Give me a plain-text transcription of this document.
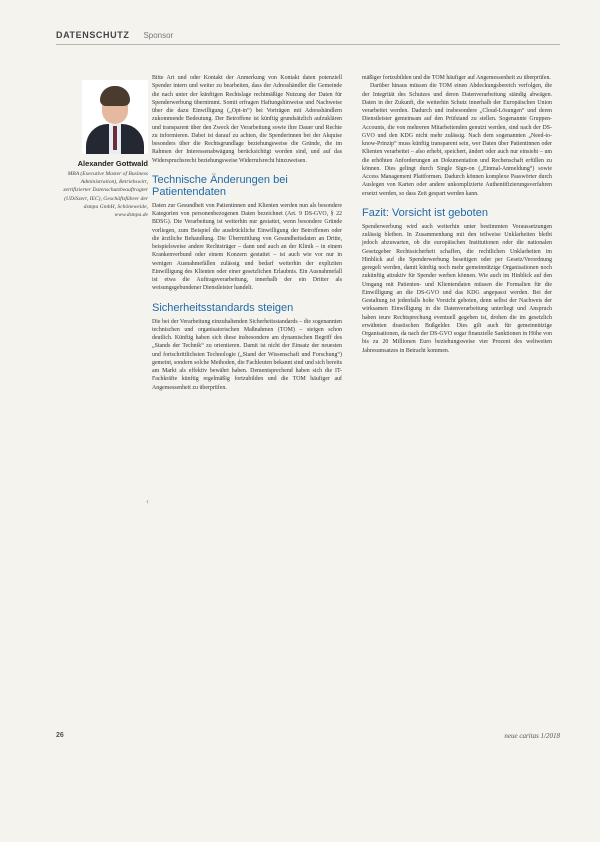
DATENSCHUTZ Sponsor
Alexander Gottwald
MBA (Executive Master of Business Administration), Betriebswirt, zertifizierter Datenschutzbeauftragter (UDiSzert, IEC), Geschäftsführer der dsmpa GmbH, Schöneweide, www.dsmpa.de

Bitte Art und oder Kontakt der Anmerkung von Kontakt daten potenziell Spender intern und weiter zu bearbeiten, dass der Adresshändler die Gemeinde die nach unter der künftigen Rechtslage rechtmäßige Nutzung der Daten für Spenderwerbung übernimmt. Somit erfragen Haftungshinweise und Nachweise über die dazu Einwilligung („Opt-in“) bei Vorträgen mit Adresshändlern zukommende Bedeutung. Der Betroffene ist künftig grundsätzlich aufzuklären und transparent über den Zweck der Verarbeitung sowie ihre Dauer und Rechte zu informieren. Dabei ist darauf zu achten, die Spenderinnen bei der Akquise besonders über die Rechtsgrundlage beziehungsweise die Gründe, die im Rahmen der Interessenabwägung berücksichtigt worden sind, und auf das Widerspruchsrecht beziehungsweise Widerrufsrecht hinzuweisen.

Technische Änderungen bei Patientendaten

Daten zur Gesundheit von Patientinnen und Klienten werden nun als besondere Kategorien von personenbezogenen Daten bezeichnet (Art. 9 DS-GVO, § 22 BDSG). Die Verarbeitung ist weiterhin nur gestattet, wenn besondere Gründe vorliegen, zum Beispiel die ausdrückliche Einwilligung der Betroffenen oder die ärztliche Behandlung. Die Übermittlung von Gesundheitsdaten an Dritte, beispielsweise andere Rechtsträger – dann und auch an der Klinik – in einem Krankenverbund oder einem Konzern gestattet – ist auch wie vor nur in wenigen Ausnahmefällen zulässig und bedarf weiterhin der expliziten Einwilligung des Klienten oder einer gesetzlichen Erlaubnis. Ein Ausnahmefall ist etwa die Auftragsverarbeitung, innerhalb der ein Dritter als weisungsgebundener Dienstleister handelt.

Sicherheitsstandards steigen

Die bei der Verarbeitung einzuhaltenden Sicherheitsstandards – die sogenannten technischen und organisatorischen Maßnahmen (TOM) – steigen schon deutlich. Künftig haben sich diese insbesondere am dynamischen Begriff des „Stands der Technik“ zu orientieren. Damit ist nicht der Einsatz der neuesten und fortschrittlichsten Technologie („Stand der Wissenschaft und Forschung“) gemeint, sondern solche Methoden, die Fachleuten bekannt sind und sich bereits am Markt als effektiv bewährt haben. Dementsprechend haben sich die IT-Fachkräfte künftig regelmäßig fortzubilden und die TOM häufiger auf Angemessenheit zu überprüfen.

mäßiger fortzubilden und die TOM häufiger auf Angemessenheit zu überprüfen.

Darüber hinaus müssen die TOM einen Abdeckungsbereich verfolgen, die der Integrität des Schutzes und deren Datenverarbeitung ständig abwägen. Daten in der Zukunft, die weiterhin Schutz innerhalb der Europäischen Union verarbeitet werden. Dadurch und insbesondere „Cloud-Lösungen“ und deren Dienstleister gemeinsam auf den Prüfstand zu stellen. Sogenannte Gruppen-Accounts, die von mehreren Mitarbeitenden genutzt werden, sind nach der DS-GVO und den KDG nicht mehr zulässig. Nach dem sogenannten „Need-to-know-Prinzip“ muss künftig transparent sein, wer Daten über Patientinnen oder Klienten verarbeitet – also erhebt, speichert, ändert oder auch nur einsieht – um die erhöhten Anforderungen an Dokumentation und Rechenschaft erfüllen zu können. Dies gelingt durch Single Sign-on („Einmal-Anmeldung“) sowie Access Management Plattformen. Dadurch können komplexe Passwörter durch Auslegen von Karten oder andere unkomplizierte Authentifizierungsverfahren ersetzt werden, so dass Zeit gespart werden kann.

Fazit: Vorsicht ist geboten

Spenderwerbung wird auch weiterhin unter bestimmten Voraussetzungen zulässig bleiben. In Zusammenhang mit den teilweise Unklarheiten bleibt jedoch abzuwarten, ob die europäischen Institutionen oder die nationalen Gesetzgeber Rechtssicherheit schaffen, die rechtlichen Unklarheiten im Hinblick auf die Spenderwerbung beseitigen oder per Gesetz/Verordnung geregelt werden, damit künftig noch mehr gemeinnützige Organisationen noch zukünftig attraktiv für Spender werben können. Wie auch im Hinblick auf den Umgang mit Patienten- und Klientendaten müssen die Formalien für die Einwilligung an die DS-GVO und das KDG angepasst werden. Bei der Gestaltung ist jedenfalls hohe Vorsicht geboten, denn selbst der Nachweis der wirksamen Einwilligung in die Datenverarbeitung unterliegt und Anspruch haben teure Rechtsprechung eventuell gegeben ist, drohen die im gesetzlich erwähnten drastischen Bußgelder. Dies gilt auch für gemeinnützige Organisationen, da nach der DS-GVO sogar finanzielle Sanktionen in Höhe von bis zu 20 Millionen Euro beziehungsweise vier Prozent des weltweiten Jahresumsatzes in Betracht kommen.

‹
26	neue caritas 1/2018
